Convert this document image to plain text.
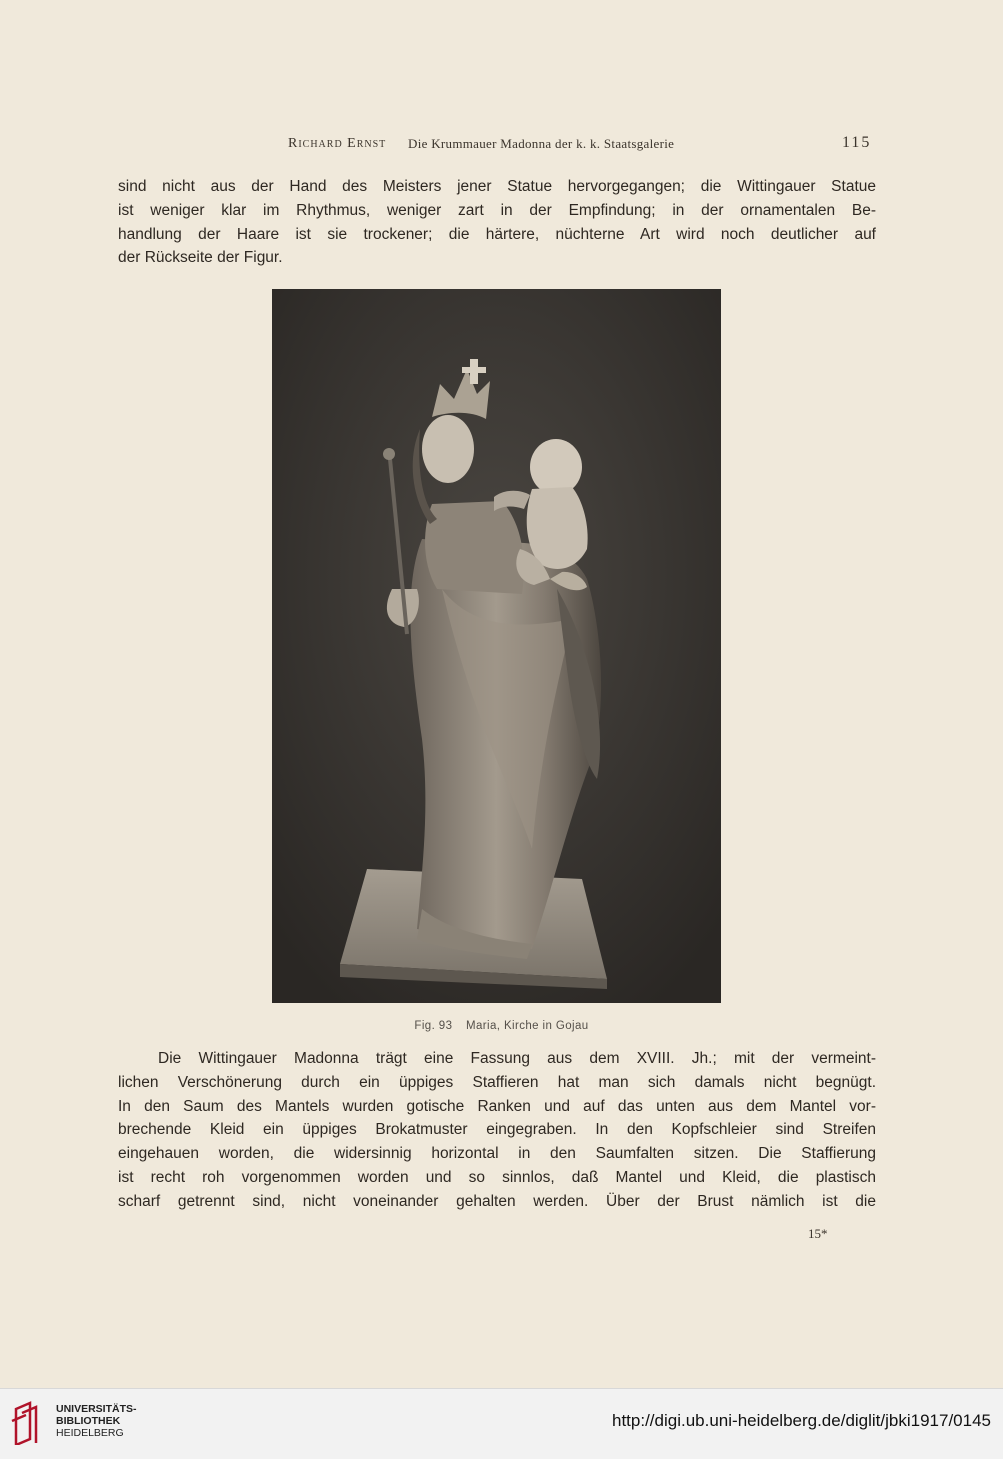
Richard Ernst Die Krummauer Madonna der k. k. Staatsgalerie	115
sind nicht aus der Hand des Meisters jener Statue hervorgegangen; die Wittingauer Statue
ist weniger klar im Rhythmus, weniger zart in der Empfindung; in der ornamentalen Be-
handlung der Haare ist sie trockener; die härtere, nüchterne Art wird noch deutlicher auf
der Rückseite der Figur.
Fig. 93 Maria, Kirche in Gojau
Die Wittingauer Madonna trägt eine Fassung aus dem XVIII. Jh.; mit der vermeint-
lichen Verschönerung durch ein üppiges Staffieren hat man sich damals nicht begnügt.
In den Saum des Mantels wurden gotische Ranken und auf das unten aus dem Mantel vor-
brechende Kleid ein üppiges Brokatmuster eingegraben. In den Kopfschleier sind Streifen
eingehauen worden, die widersinnig horizontal in den Saumfalten sitzen. Die Staffierung
ist recht roh vorgenommen worden und so sinnlos, daß Mantel und Kleid, die plastisch
scharf getrennt sind, nicht voneinander gehalten werden. Über der Brust nämlich ist die
15*
UNIVERSITÄTS-
BIBLIOTHEK
HEIDELBERG
http://digi.ub.uni-heidelberg.de/diglit/jbki1917/0145
